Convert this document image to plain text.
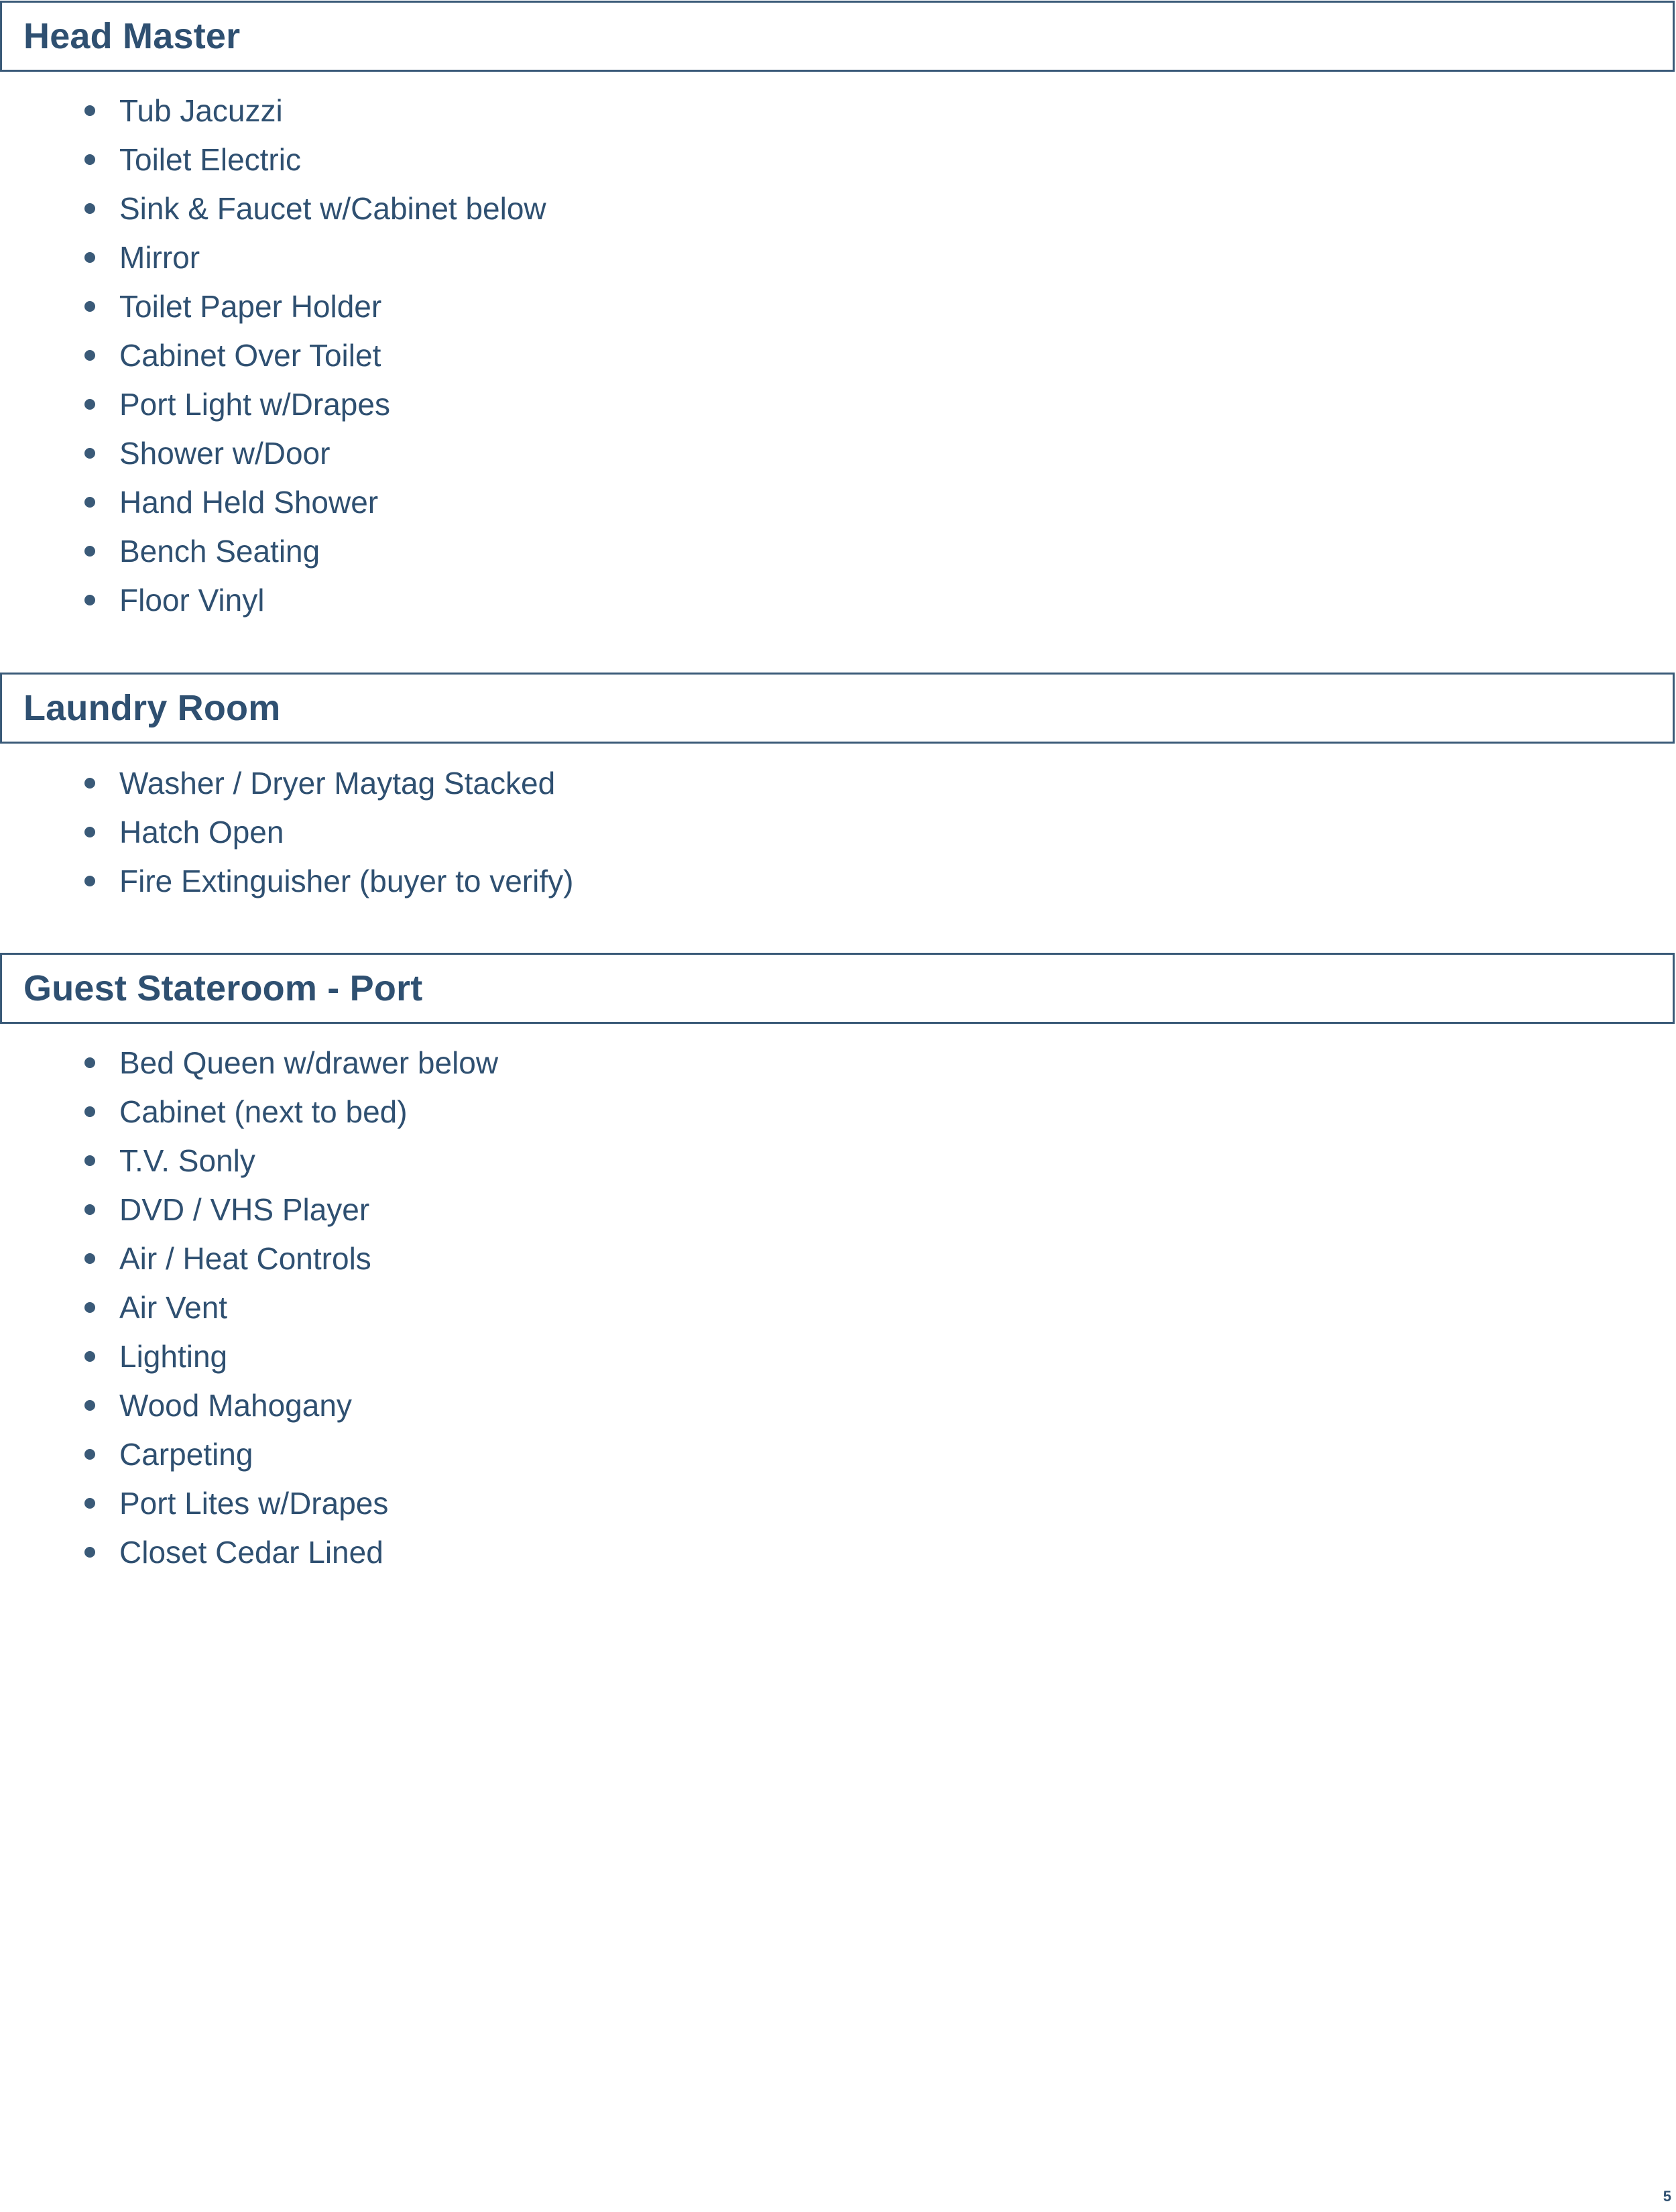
Head Master
Tub Jacuzzi
Toilet Electric
Sink & Faucet w/Cabinet below
Mirror
Toilet Paper Holder
Cabinet Over Toilet
Port Light w/Drapes
Shower w/Door
Hand Held Shower
Bench Seating
Floor Vinyl
Laundry Room
Washer / Dryer Maytag Stacked
Hatch Open
Fire Extinguisher (buyer to verify)
Guest Stateroom - Port
Bed Queen w/drawer below
Cabinet (next to bed)
T.V. Sonly
DVD / VHS Player
Air / Heat Controls
Air Vent
Lighting
Wood Mahogany
Carpeting
Port Lites w/Drapes
Closet Cedar Lined
5
